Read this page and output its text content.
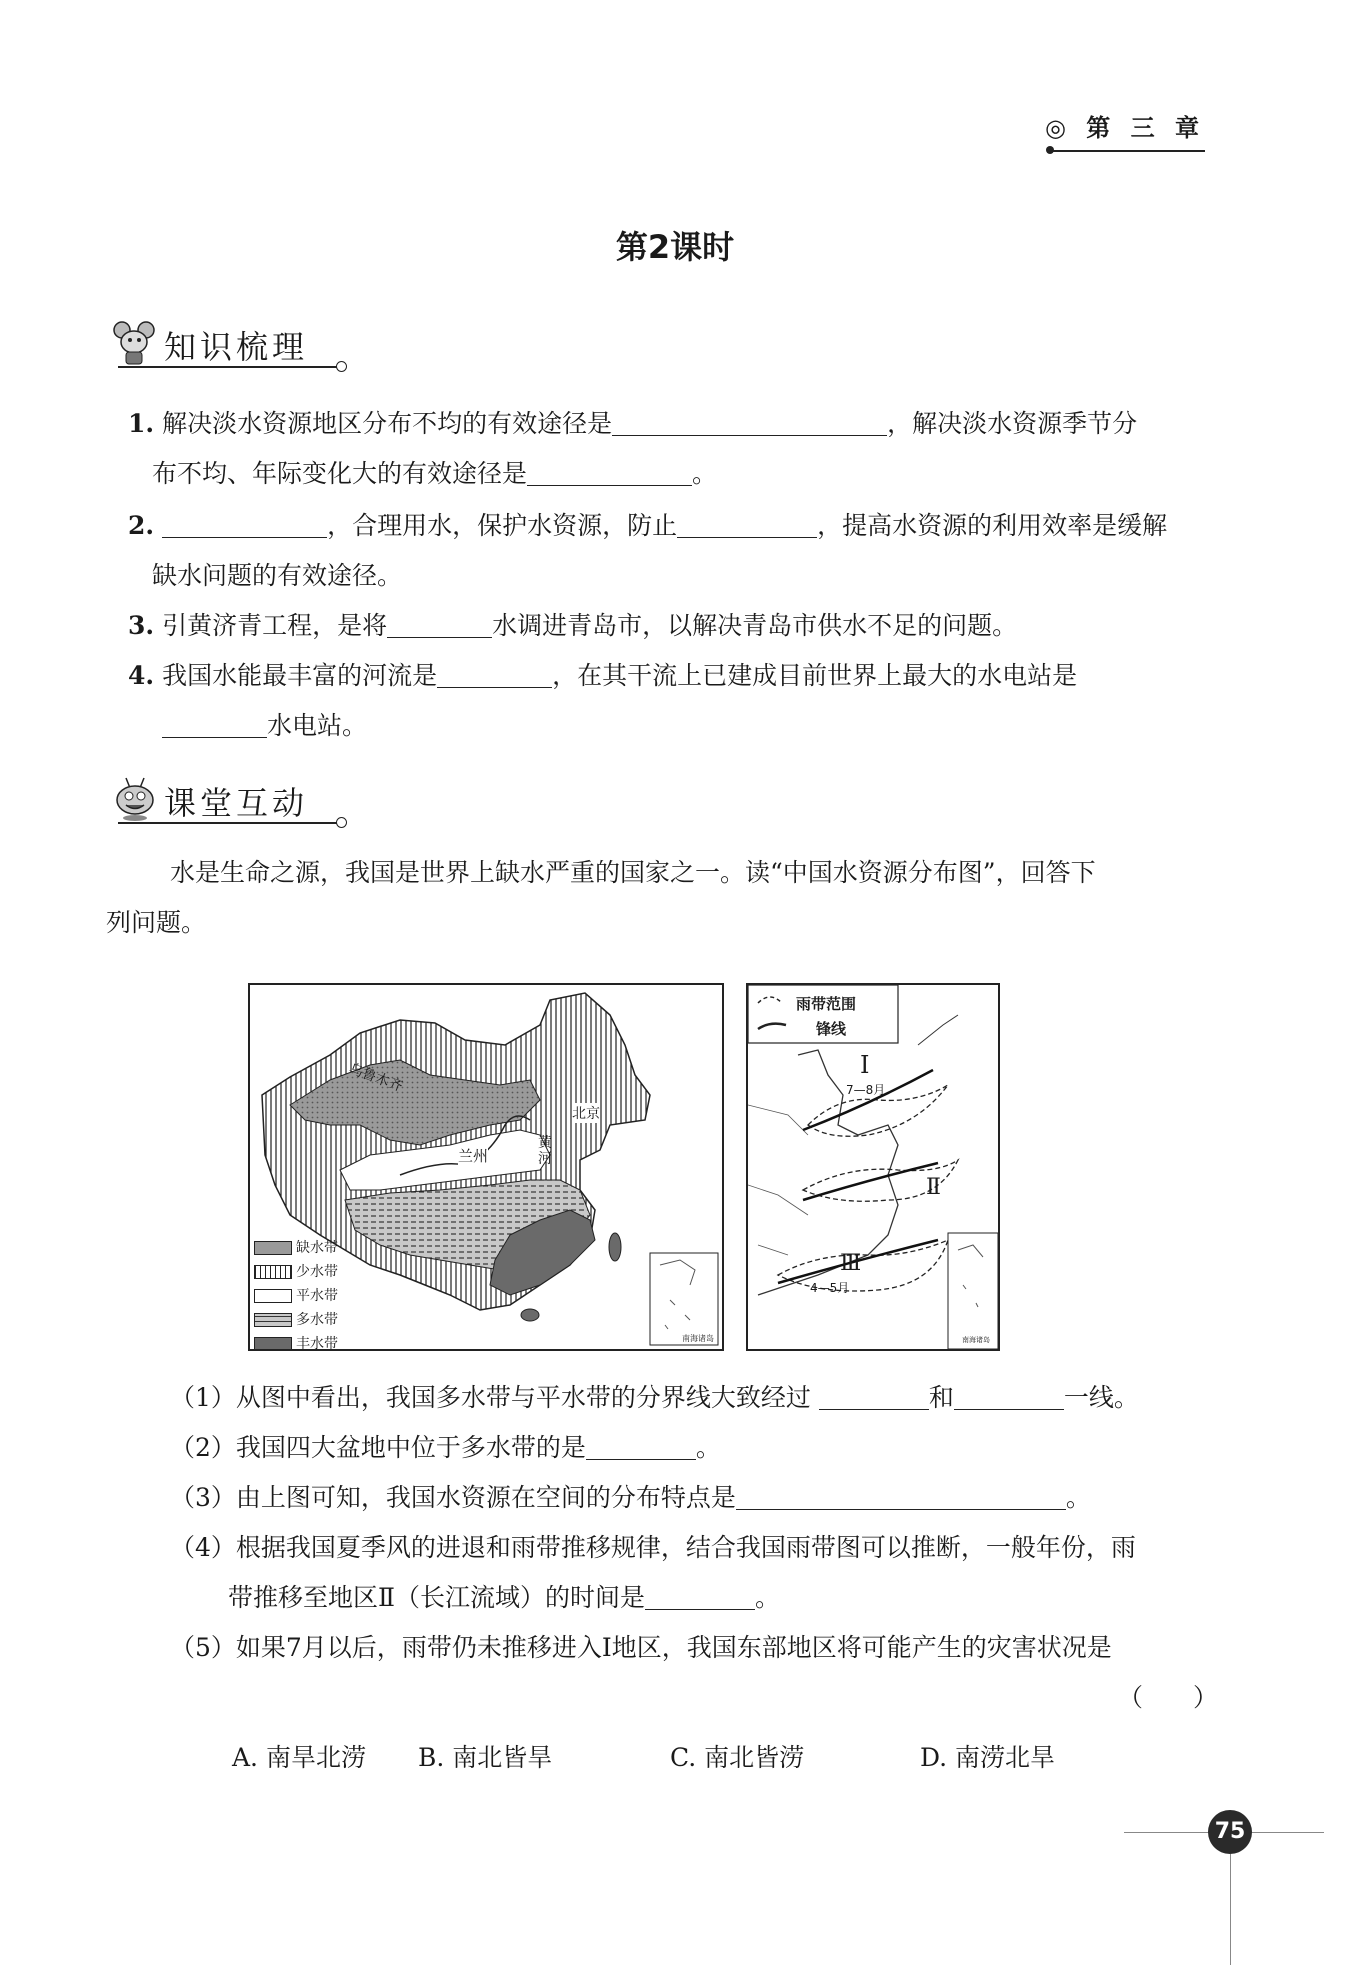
◎ 第 三 章
第2课时
知识梳理
1. 解决淡水资源地区分布不均的有效途径是	，解决淡水资源季节分
布不均、年际变化大的有效途径是	。
2.	，合理用水，保护水资源，防止	，提高水资源的利用效率是缓解
缺水问题的有效途径。
3. 引黄济青工程，是将	水调进青岛市，以解决青岛市供水不足的问题。
4. 我国水能最丰富的河流是	，在其干流上已建成目前世界上最大的水电站是
水电站。
课堂互动
水是生命之源，我国是世界上缺水严重的国家之一。读“中国水资源分布图”，回答下
列问题。
乌鲁木齐
兰州
北京
黄河
南海诸岛
缺水带
少水带
平水带
多水带
丰水带
雨带范围
锋线
Ⅰ
7—8月
Ⅱ
Ⅲ
4—5月
南海诸岛
（1）从图中看出，我国多水带与平水带的分界线大致经过	和	一线。
（2）我国四大盆地中位于多水带的是	。
（3）由上图可知，我国水资源在空间的分布特点是	。
（4）根据我国夏季风的进退和雨带推移规律，结合我国雨带图可以推断，一般年份，雨
带推移至地区Ⅱ（长江流域）的时间是	。
（5）如果7月以后，雨带仍未推移进入Ⅰ地区，我国东部地区将可能产生的灾害状况是
（　　）
A. 南旱北涝 B. 南北皆旱	C. 南北皆涝	D. 南涝北旱
75
